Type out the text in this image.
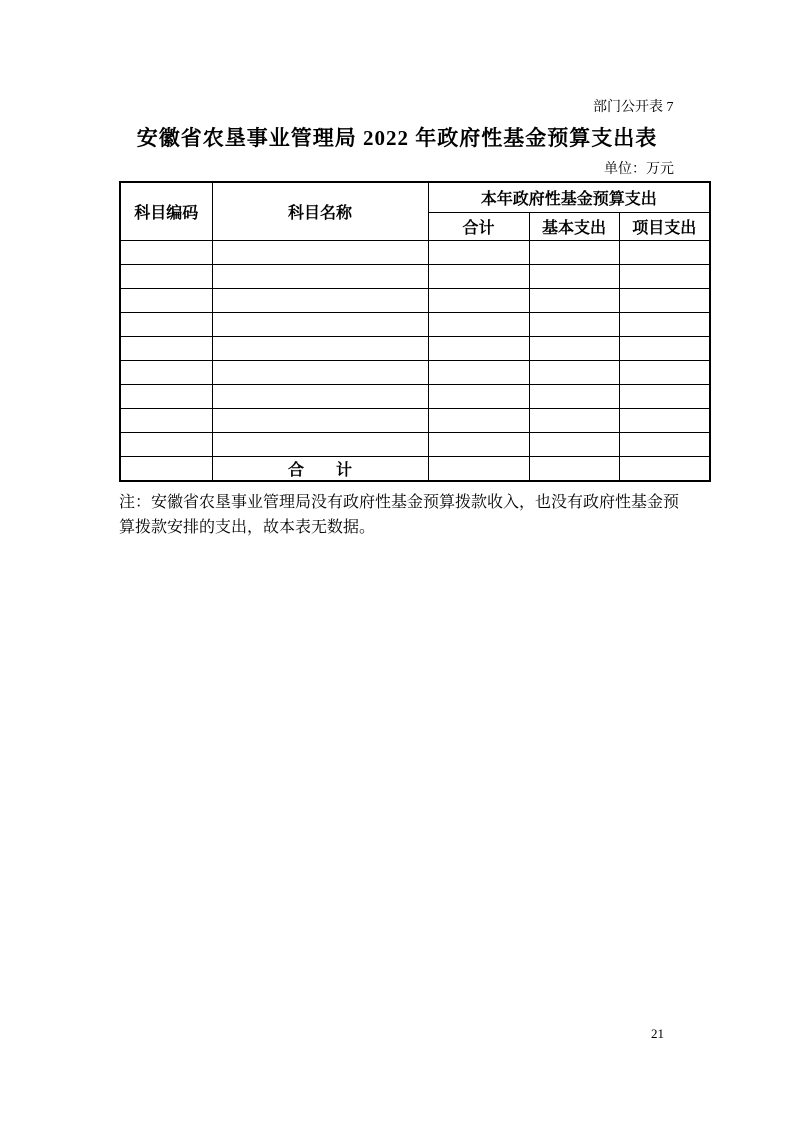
部门公开表 7
安徽省农垦事业管理局 2022 年政府性基金预算支出表
单位：万元
科目编码	科目名称	本年政府性基金预算支出		
		合计	基本支出	项目支出

	合　　计			
注：安徽省农垦事业管理局没有政府性基金预算拨款收入，也没有政府性基金预
算拨款安排的支出，故本表无数据。
21
